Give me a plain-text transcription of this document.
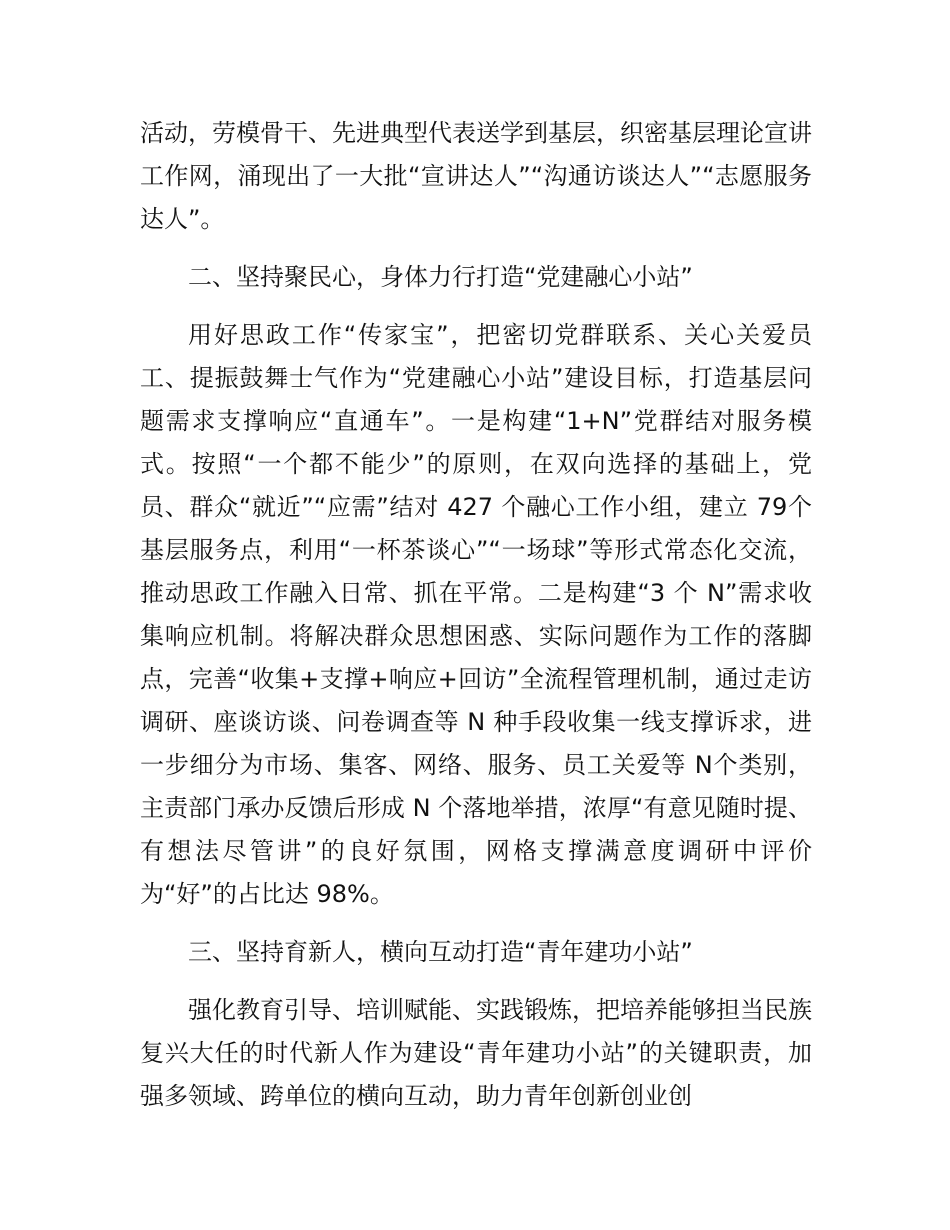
活动，劳模骨干、先进典型代表送学到基层，织密基层理论宣讲工作网，涌现出了一大批“宣讲达人”“沟通访谈达人”“志愿服务达人”。

二、坚持聚民心，身体力行打造“党建融心小站”

用好思政工作“传家宝”，把密切党群联系、关心关爱员工、提振鼓舞士气作为“党建融心小站”建设目标，打造基层问题需求支撑响应“直通车”。一是构建“1+N”党群结对服务模式。按照“一个都不能少”的原则，在双向选择的基础上，党员、群众“就近”“应需”结对 427 个融心工作小组，建立 79个基层服务点，利用“一杯茶谈心”“一场球”等形式常态化交流，推动思政工作融入日常、抓在平常。二是构建“3 个 N”需求收集响应机制。将解决群众思想困惑、实际问题作为工作的落脚点，完善“收集+支撑+响应+回访”全流程管理机制，通过走访调研、座谈访谈、问卷调查等 N 种手段收集一线支撑诉求，进一步细分为市场、集客、网络、服务、员工关爱等 N个类别，主责部门承办反馈后形成 N 个落地举措，浓厚“有意见随时提、有想法尽管讲”的良好氛围，网格支撑满意度调研中评价为“好”的占比达 98%。

三、坚持育新人，横向互动打造“青年建功小站”

强化教育引导、培训赋能、实践锻炼，把培养能够担当民族复兴大任的时代新人作为建设“青年建功小站”的关键职责，加强多领域、跨单位的横向互动，助力青年创新创业创
